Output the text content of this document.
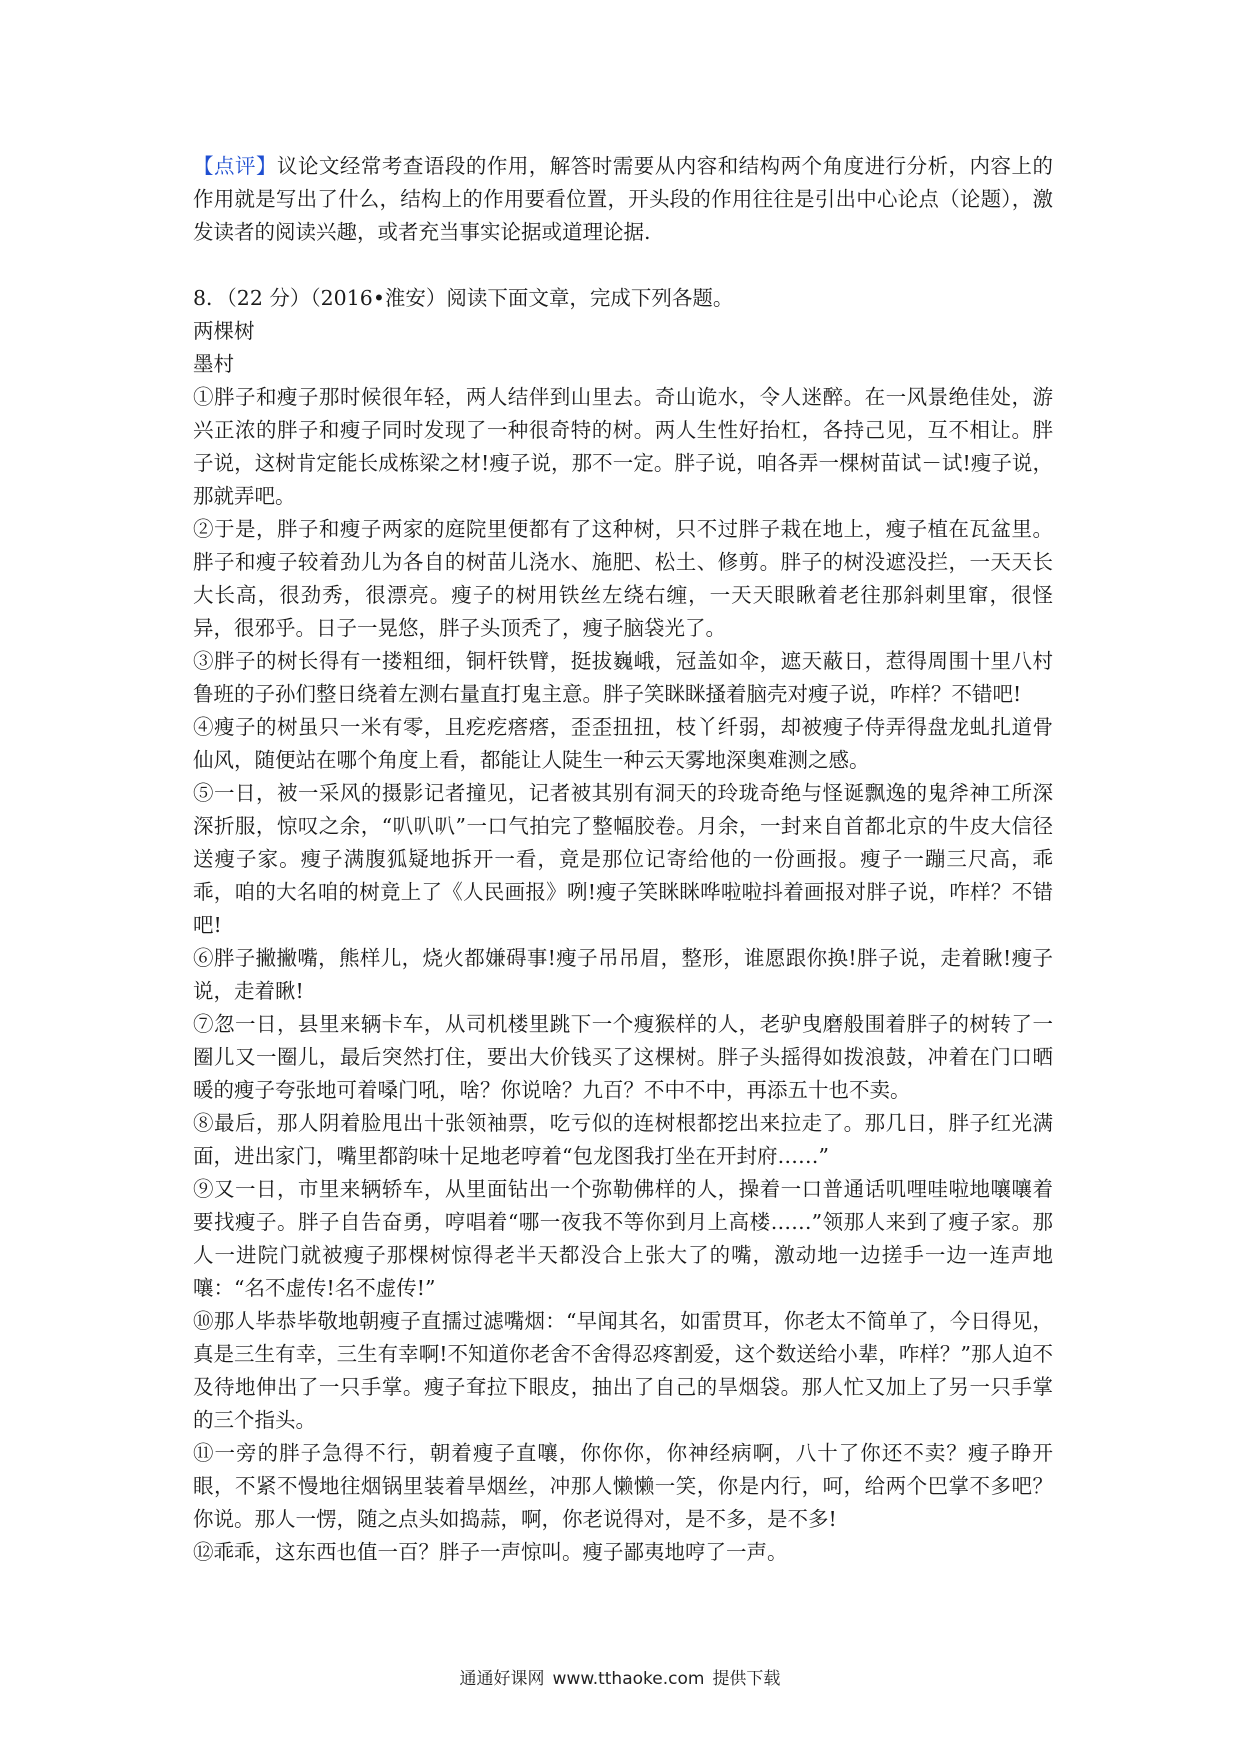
【点评】议论文经常考查语段的作用，解答时需要从内容和结构两个角度进行分析，内容上的作用就是写出了什么，结构上的作用要看位置，开头段的作用往往是引出中心论点（论题），激发读者的阅读兴趣，或者充当事实论据或道理论据.

8．（22 分）（2016•淮安）阅读下面文章，完成下列各题。

两棵树

墨村

①胖子和瘦子那时候很年轻，两人结伴到山里去。奇山诡水，令人迷醉。在一风景绝佳处，游兴正浓的胖子和瘦子同时发现了一种很奇特的树。两人生性好抬杠，各持己见，互不相让。胖子说，这树肯定能长成栋梁之材!瘦子说，那不一定。胖子说，咱各弄一棵树苗试－试!瘦子说，那就弄吧。

②于是，胖子和瘦子两家的庭院里便都有了这种树，只不过胖子栽在地上，瘦子植在瓦盆里。胖子和瘦子较着劲儿为各自的树苗儿浇水、施肥、松土、修剪。胖子的树没遮没拦，一天天长大长高，很劲秀，很漂亮。瘦子的树用铁丝左绕右缠，一天天眼瞅着老往那斜刺里窜，很怪异，很邪乎。日子一晃悠，胖子头顶秃了，瘦子脑袋光了。

③胖子的树长得有一搂粗细，铜杆铁臂，挺拔巍峨，冠盖如伞，遮天蔽日，惹得周围十里八村鲁班的子孙们整日绕着左测右量直打鬼主意。胖子笑眯眯搔着脑壳对瘦子说，咋样？不错吧!

④瘦子的树虽只一米有零，且疙疙瘩瘩，歪歪扭扭，枝丫纤弱，却被瘦子侍弄得盘龙虬扎道骨仙风，随便站在哪个角度上看，都能让人陡生一种云天雾地深奥难测之感。

⑤一日，被一采风的摄影记者撞见，记者被其别有洞天的玲珑奇绝与怪诞飘逸的鬼斧神工所深深折服，惊叹之余，“叭叭叭”一口气拍完了整幅胶卷。月余，一封来自首都北京的牛皮大信径送瘦子家。瘦子满腹狐疑地拆开一看，竟是那位记寄给他的一份画报。瘦子一蹦三尺高，乖乖，咱的大名咱的树竟上了《人民画报》咧!瘦子笑眯眯哗啦啦抖着画报对胖子说，咋样？不错吧!

⑥胖子撇撇嘴，熊样儿，烧火都嫌碍事!瘦子吊吊眉，整形，谁愿跟你换!胖子说，走着瞅!瘦子说，走着瞅!

⑦忽一日，县里来辆卡车，从司机楼里跳下一个瘦猴样的人，老驴曳磨般围着胖子的树转了一圈儿又一圈儿，最后突然打住，要出大价钱买了这棵树。胖子头摇得如拨浪鼓，冲着在门口晒暖的瘦子夸张地可着嗓门吼，啥？你说啥？九百？不中不中，再添五十也不卖。

⑧最后，那人阴着脸甩出十张领袖票，吃亏似的连树根都挖出来拉走了。那几日，胖子红光满面，进出家门，嘴里都韵味十足地老哼着“包龙图我打坐在开封府……”

⑨又一日，市里来辆轿车，从里面钻出一个弥勒佛样的人，操着一口普通话叽哩哇啦地嚷嚷着要找瘦子。胖子自告奋勇，哼唱着“哪一夜我不等你到月上高楼……”领那人来到了瘦子家。那人一进院门就被瘦子那棵树惊得老半天都没合上张大了的嘴，激动地一边搓手一边一连声地嚷：“名不虚传!名不虚传!”

⑩那人毕恭毕敬地朝瘦子直擩过滤嘴烟：“早闻其名，如雷贯耳，你老太不简单了，今日得见，真是三生有幸，三生有幸啊!不知道你老舍不舍得忍疼割爱，这个数送给小辈，咋样？”那人迫不及待地伸出了一只手掌。瘦子耷拉下眼皮，抽出了自己的旱烟袋。那人忙又加上了另一只手掌的三个指头。

⑪一旁的胖子急得不行，朝着瘦子直嚷，你你你，你神经病啊，八十了你还不卖？瘦子睁开眼，不紧不慢地往烟锅里装着旱烟丝，冲那人懒懒一笑，你是内行，呵，给两个巴掌不多吧？你说。那人一愣，随之点头如捣蒜，啊，你老说得对，是不多，是不多!

⑫乖乖，这东西也值一百？胖子一声惊叫。瘦子鄙夷地哼了一声。

通通好课网 www.tthaoke.com 提供下载
